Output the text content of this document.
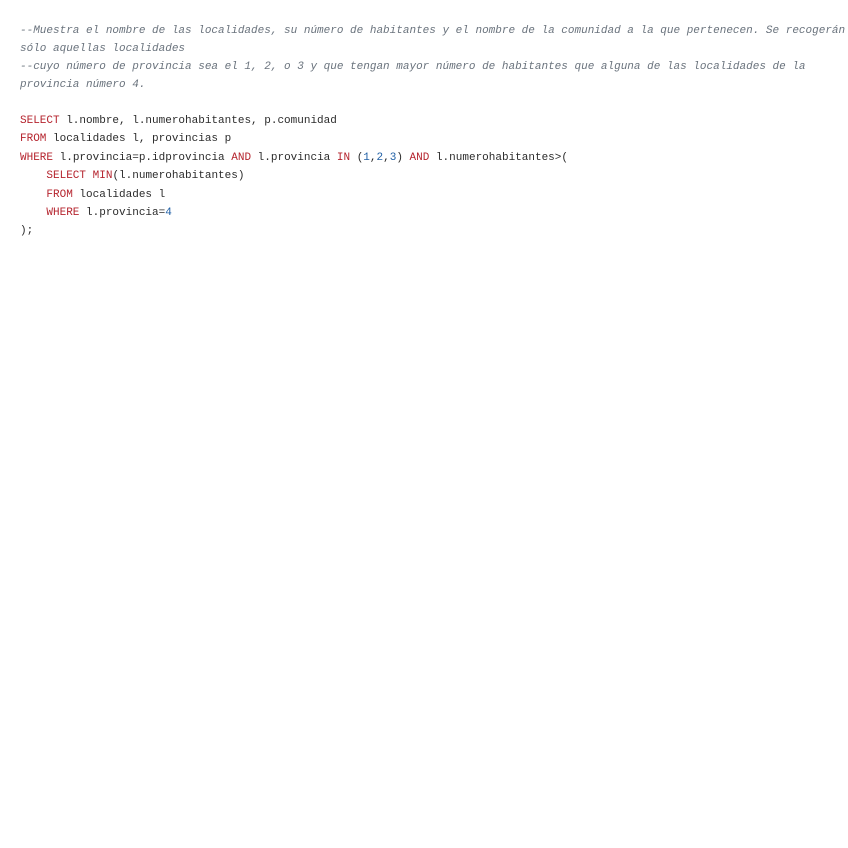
--Muestra el nombre de las localidades, su número de habitantes y el nombre de la comunidad a la que pertenecen. Se recogerán sólo aquellas localidades
--cuyo número de provincia sea el 1, 2, o 3 y que tengan mayor número de habitantes que alguna de las localidades de la provincia número 4.
SELECT l.nombre, l.numerohabitantes, p.comunidad
FROM localidades l, provincias p
WHERE l.provincia=p.idprovincia AND l.provincia IN (1,2,3) AND l.numerohabitantes>(
SELECT MIN(l.numerohabitantes)
FROM localidades l
WHERE l.provincia=4
);
